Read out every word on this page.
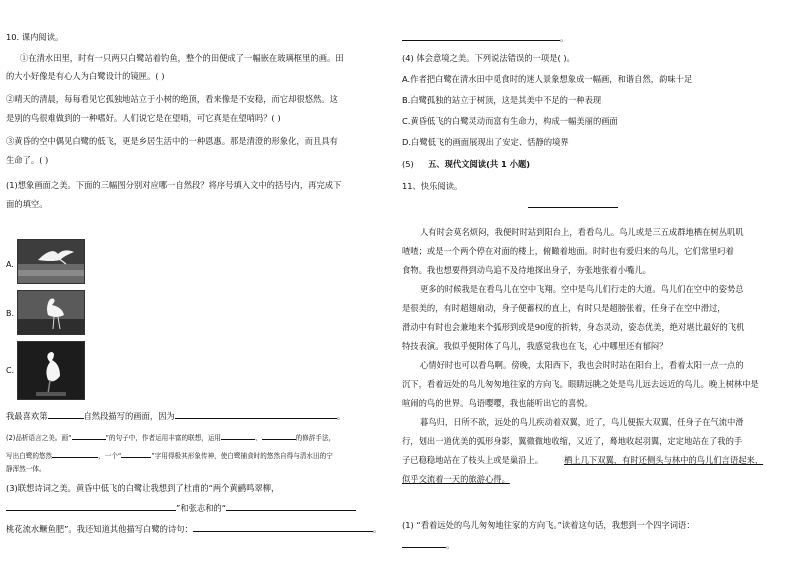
10. 课内阅读。
①在清水田里，时有一只两只白鹭站着钓鱼，整个的田便成了一幅嵌在玻璃框里的画。田
的大小好像是有心人为白鹭设计的镜匣。( )
②晴天的清晨，每每看见它孤独地站立于小树的绝顶，看来像是不安稳，而它却很悠然。这
是别的鸟很难做到的一种嗜好。人们说它是在望哨，可它真是在望哨吗？( )
③黄昏的空中偶见白鹭的低飞，更是乡居生活中的一种恩惠。那是清澄的形象化，而且具有
生命了。( )
(1)想象画面之美。下面的三幅图分别对应哪一自然段？将序号填入文中的括号内，再完成下
面的填空。
A.
B.
C.
我最喜欢第	自然段描写的画面，因为	。
(2)品析语言之美。画“	”的句子中，作者运用丰富的联想，运用	、	的修辞手法，
写出白鹭的悠然	，一个“	”字用得极其形象传神，使白鹭捕食时的悠然自得与清水田的宁
静浑然一体。
(3)联想诗词之美。黄昏中低飞的白鹭让我想到了杜甫的“两个黄鹂鸣翠柳，
”和张志和的“
桃花流水鳜鱼肥”。我还知道其他描写白鹭的诗句：	。
。
(4) 体会意境之美。下列说法错误的一项是( )。
A.作者把白鹭在清水田中觅食时的迷人景象想象成一幅画，和谐自然，韵味十足
B.白鹭孤独的站立于树顶，这是其美中不足的一种表现
C.黄昏低飞的白鹭灵动而富有生命力，构成一幅美丽的画面
D.白鹭低飞的画面展现出了安定、恬静的境界
(5) 五、现代文阅读(共 1 小题)
11、快乐阅读。
人有时会莫名烦闷，我便时时站到阳台上，看看鸟儿。鸟儿或是三五成群地栖在树丛叽叽
喳喳；或是一个两个停在对面的楼上，俯瞰着地面。时时也有爱归来的鸟儿，它们常里叼着
食物。我也想要得到动鸟追不及待地探出身子，夯张地张着小嘴儿。
更多的时候我是在看鸟儿在空中飞翔。空中是鸟儿们行走的大道。鸟儿们在空中的姿势总
是很美的，有时超翅扇动，身子便蓄权的直上，有时只是超膀张着，任身子在空中滑过，
滑动中有时也会兼地来个弧形到或是90度的折转，身态灵动，姿态优美，绝对堪比最好的飞机
特技表演。我似乎便附体了鸟儿，我感觉我也在飞，心中哪里还有郁闷？
心情好时也可以看鸟啊。傍晚，太阳西下，我也会时时站在阳台上，看着太阳一点一点的
沉下，看着远处的鸟儿匆匆地往家的方向飞。眼睛远眺之处是鸟儿远去远近的鸟儿。晚上树林中是
喧闹的鸟的世界。鸟语嘤嘤，我也能听出它的喜悦。
暮鸟归，日所不欲，远处的鸟儿疾动着双翼，近了，鸟儿便振大双翼，任身子在气流中滑
行，划出一道优美的弧形身影，翼微微地收缩，又近了，蓦地收起羽翼，定定地站在了我的手
子已稳稳地站在了枝头上或是巢沿上。	栖上几下双翼，有时还侧头与林中的鸟儿们言语起来，
似乎交流着一天的旅游心得。
(1) “看着远处的鸟儿匆匆地往家的方向飞。”读着这句话，我想到一个四字词语：
。
